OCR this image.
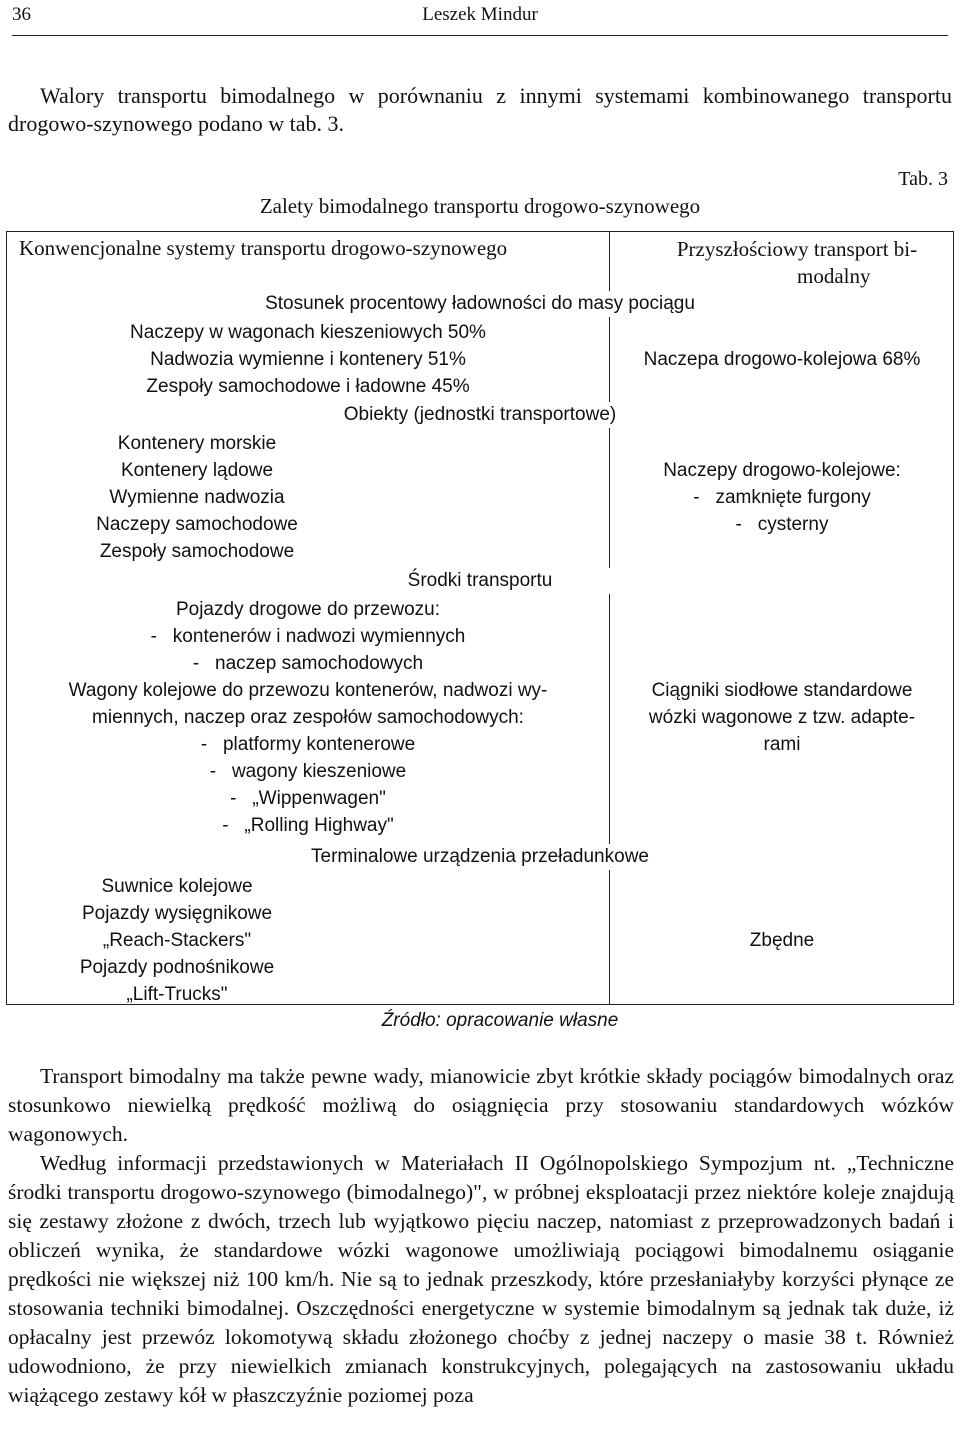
36	Leszek Mindur
Walory transportu bimodalnego w porównaniu z innymi systemami kombinowanego transportu drogowo-szynowego podano w tab. 3.
Tab. 3
Zalety bimodalnego transportu drogowo-szynowego
Konwencjonalne systemy transportu drogowo-szynowego	Przyszłościowy transport bi-
modalny
Stosunek procentowy ładowności do masy pociągu
Naczepy w wagonach kieszeniowych 50%
Nadwozia wymienne i kontenery 51%
Zespoły samochodowe i ładowne 45%
Naczepa drogowo-kolejowa 68%
Obiekty (jednostki transportowe)
Kontenery morskie
Kontenery lądowe
Wymienne nadwozia
Naczepy samochodowe
Zespoły samochodowe
Naczepy drogowo-kolejowe:
-   zamknięte furgony
-   cysterny
Środki transportu
Pojazdy drogowe do przewozu:
-   kontenerów i nadwozi wymiennych
-   naczep samochodowych
Wagony kolejowe do przewozu kontenerów, nadwozi wy-
miennych, naczep oraz zespołów samochodowych:
-   platformy kontenerowe
-   wagony kieszeniowe
-   „Wippenwagen"
-   „Rolling Highway"
Ciągniki siodłowe standardowe
wózki wagonowe z tzw. adapte-
rami
Terminalowe urządzenia przeładunkowe
Suwnice kolejowe
Pojazdy wysięgnikowe
„Reach-Stackers"
Pojazdy podnośnikowe
„Lift-Trucks"
Zbędne
Źródło: opracowanie własne

Transport bimodalny ma także pewne wady, mianowicie zbyt krótkie składy pociągów bimodalnych oraz stosunkowo niewielką prędkość możliwą do osiągnięcia przy stosowaniu standardowych wózków wagonowych.

Według informacji przedstawionych w Materiałach II Ogólnopolskiego Sympozjum nt. „Techniczne środki transportu drogowo-szynowego (bimodalnego)", w próbnej eksploatacji przez niektóre koleje znajdują się zestawy złożone z dwóch, trzech lub wyjątkowo pięciu naczep, natomiast z przeprowadzonych badań i obliczeń wynika, że standardowe wózki wagonowe umożliwiają pociągowi bimodalnemu osiąganie prędkości nie większej niż 100 km/h. Nie są to jednak przeszkody, które przesłaniałyby korzyści płynące ze stosowania techniki bimodalnej. Oszczędności energetyczne w systemie bimodalnym są jednak tak duże, iż opłacalny jest przewóz lokomotywą składu złożonego choćby z jednej naczepy o masie 38 t. Również udowodniono, że przy niewielkich zmianach konstrukcyjnych, polegających na zastosowaniu układu wiążącego zestawy kół w płaszczyźnie poziomej poza
